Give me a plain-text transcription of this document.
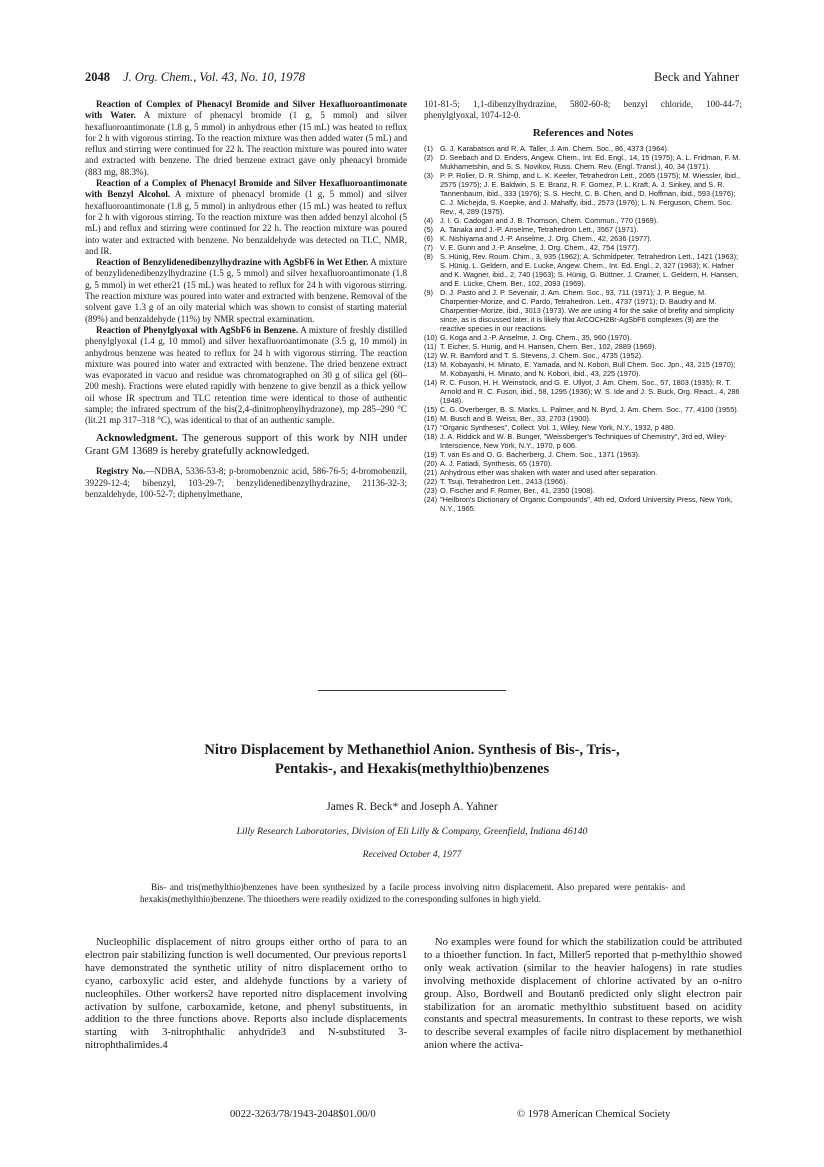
2048 J. Org. Chem., Vol. 43, No. 10, 1978	Beck and Yahner

Reaction of Complex of Phenacyl Bromide and Silver Hexafluoroantimonate with Water. A mixture of phenacyl bromide (1 g, 5 mmol) and silver hexafluoroantimonate (1.8 g, 5 mmol) in anhydrous ether (15 mL) was heated to reflux for 2 h with vigorous stirring. To the reaction mixture was then added water (5 mL) and reflux and stirring were continued for 22 h. The reaction mixture was poured into water and extracted with benzene. The dried benzene extract gave only phenacyl bromide (883 mg, 88.3%).

Reaction of a Complex of Phenacyl Bromide and Silver Hexafluoroantimonate with Benzyl Alcohol. A mixture of phenacyl bromide (1 g, 5 mmol) and silver hexafluoroantimonate (1.8 g, 5 mmol) in anhydrous ether (15 mL) was heated to reflux for 2 h with vigorous stirring. To the reaction mixture was then added benzyl alcohol (5 mL) and reflux and stirring were continued for 22 h. The reaction mixture was poured into water and extracted with benzene. No benzaldehyde was detected on TLC, NMR, and IR.

Reaction of Benzylidenedibenzylhydrazine with AgSbF6 in Wet Ether. A mixture of benzylidenedibenzylhydrazine (1.5 g, 5 mmol) and silver hexafluoroantimonate (1.8 g, 5 mmol) in wet ether21 (15 mL) was heated to reflux for 24 h with vigorous stirring. The reaction mixture was poured into water and extracted with benzene. Removal of the solvent gave 1.3 g of an oily material which was shown to consist of starting material (89%) and benzaldehyde (11%) by NMR spectral examination.

Reaction of Phenylglyoxal with AgSbF6 in Benzene. A mixture of freshly distilled phenylglyoxal (1.4 g, 10 mmol) and silver hexafluoroantimonate (3.5 g, 10 mmol) in anhydrous benzene was heated to reflux for 24 h with vigorous stirring. The reaction mixture was poured into water and extracted with benzene. The dried benzene extract was evaporated in vacuo and residue was chromatographed on 30 g of silica gel (60–200 mesh). Fractions were eluted rapidly with benzene to give benzil as a thick yellow oil whose IR spectrum and TLC retention time were identical to those of authentic sample; the infrared spectrum of the bis(2,4-dinitrophenylhydrazone), mp 285–290 °C (lit.21 mp 317–318 °C), was identical to that of an authentic sample.

Acknowledgment. The generous support of this work by NIH under Grant GM 13689 is hereby gratefully acknowledged.

Registry No.—NDBA, 5336-53-8; p-bromobenzoic acid, 586-76-5; 4-bromobenzil, 39229-12-4; bibenzyl, 103-29-7; benzylidenedibenzylhydrazine, 21136-32-3; benzaldehyde, 100-52-7; diphenylmethane,

101-81-5; 1,1-dibenzylhydrazine, 5802-60-8; benzyl chloride, 100-44-7; phenylglyoxal, 1074-12-0.

References and Notes
(1) G. J. Karabatsos and R. A. Taller, J. Am. Chem. Soc., 86, 4373 (1964).
(2) D. Seebach and D. Enders, Angew. Chem., Int. Ed. Engl., 14, 15 (1975); A. L. Fridman, F. M. Mukhametshin, and S. S. Novikov, Russ. Chem. Rev. (Engl. Transl.), 40, 34 (1971).
(3) P. P. Rolier, D. R. Shimp, and L. K. Keefer, Tetrahedron Lett., 2065 (1975); M. Wiessler, ibid., 2575 (1975); J. E. Baldwin, S. E. Branz, R. F. Gomez, P. L. Kraft, A. J. Sinkey, and S. R. Tannenbaum, ibid., 333 (1976); S. S. Hecht, C. B. Chen, and D. Hoffman, ibid., 593 (1976); C. J. Michejda, S. Koepke, and J. Mahaffy, ibid., 2573 (1976); L. N. Ferguson, Chem. Soc. Rev., 4, 289 (1975).
(4) J. I. G. Cadogan and J. B. Thomson, Chem. Commun., 770 (1969).
(5) A. Tanaka and J.-P. Anselme, Tetrahedron Lett., 3567 (1971).
(6) K. Nishiyama and J.-P. Anselme, J. Org. Chem., 42, 2636 (1977).
(7) V. E. Gunn and J.-P. Anselme, J. Org. Chem., 42, 754 (1977).
(8) S. Hünig, Rev. Roum. Chim., 3, 935 (1962); A. Schmidpeter, Tetrahedron Lett., 1421 (1963); S. Hünig, L. Geldern, and E. Lucke, Angew. Chem., Int. Ed. Engl., 2, 327 (1963); K. Hafner and K. Wagner, ibid., 2, 740 (1963); S. Hünig, G. Büttner, J. Cramer, L. Geldern, H. Hansen, and E. Lücke, Chem. Ber., 102, 2093 (1969).
(9) D. J. Pasto and J. P. Sevenair, J. Am. Chem. Soc., 93, 711 (1971); J. P. Begue, M. Charpentier-Morize, and C. Pardo, Tetrahedron. Lett., 4737 (1971); D. Baudry and M. Charpentier-Morize, ibid., 3013 (1973). We are using 4 for the sake of brefity and simplicity since, as is discussed later, it is likely that ArCOCH2Br-AgSbF6 complexes (9) are the reactive species in our reactions.
(10) G. Koga and J.-P. Anselme, J. Org. Chem., 35, 960 (1970).
(11) T. Eicher, S. Hunig, and H. Hansen, Chem. Ber., 102, 2889 (1969).
(12) W. R. Bamford and T. S. Stevens, J. Chem. Soc., 4735 (1952).
(13) M. Kobayashi, H. Minato, E. Yamada, and N. Kobori, Bull Chem. Soc. Jpn., 43, 215 (1970); M. Kobayashi, H. Minato, and N. Kobori, ibid., 43, 225 (1970).
(14) R. C. Fuson, H. H. Weinstock, and G. E. Ullyot, J. Am. Chem. Soc., 57, 1803 (1935); R. T. Arnold and R. C. Fuson, ibid., 58, 1295 (1936); W. S. Ide and J. S. Buck, Org. React., 4, 286 (1948).
(15) C. G. Overberger, B. S. Marks, L. Palmer, and N. Byrd, J. Am. Chem. Soc., 77, 4100 (1955).
(16) M. Busch and B. Weiss, Ber., 33, 2703 (1900).
(17) "Organic Syntheses", Collect. Vol. 1, Wiley, New York, N.Y., 1932, p 480.
(18) J. A. Riddick and W. B. Bunger, "Weissberger's Techniques of Chemistry", 3rd ed, Wiley-Interscience, New York, N.Y., 1970, p 606.
(19) T. van Es and O. G. Bacherberg, J. Chem. Soc., 1371 (1963).
(20) A. J. Fatiadi, Synthesis, 65 (1970).
(21) Anhydrous ether was shaken with water and used after separation.
(22) T. Tsuji, Tetrahedron Lett., 2413 (1966).
(23) O. Fischer and F. Romer, Ber., 41, 2350 (1908).
(24) "Heilbron's Dictionary of Organic Compounds", 4th ed, Oxford University Press, New York, N.Y., 1965.
Nitro Displacement by Methanethiol Anion. Synthesis of Bis-, Tris-,
Pentakis-, and Hexakis(methylthio)benzenes
James R. Beck* and Joseph A. Yahner
Lilly Research Laboratories, Division of Eli Lilly & Company, Greenfield, Indiana 46140
Received October 4, 1977
Bis- and tris(methylthio)benzenes have been synthesized by a facile process involving nitro displacement. Also prepared were pentakis- and hexakis(methylthio)benzene. The thioethers were readily oxidized to the corresponding sulfones in high yield.
Nucleophilic displacement of nitro groups either ortho of para to an electron pair stabilizing function is well documented. Our previous reports1 have demonstrated the synthetic utility of nitro displacement ortho to cyano, carboxylic acid ester, and aldehyde functions by a variety of nucleophiles. Other workers2 have reported nitro displacement involving activation by sulfone, carboxamide, ketone, and phenyl substituents, in addition to the three functions above. Reports also include displacements starting with 3-nitrophthalic anhydride3 and N-substituted 3-nitrophthalimides.4
No examples were found for which the stabilization could be attributed to a thioether function. In fact, Miller5 reported that p-methylthio showed only weak activation (similar to the heavier halogens) in rate studies involving methoxide displacement of chlorine activated by an o-nitro group. Also, Bordwell and Boutan6 predicted only slight electron pair stabilization for an aromatic methylthio substituent based on acidity constants and spectral measurements. In contrast to these reports, we wish to describe several examples of facile nitro displacement by methanethiol anion where the activa-
0022-3263/78/1943-2048$01.00/0	© 1978 American Chemical Society
